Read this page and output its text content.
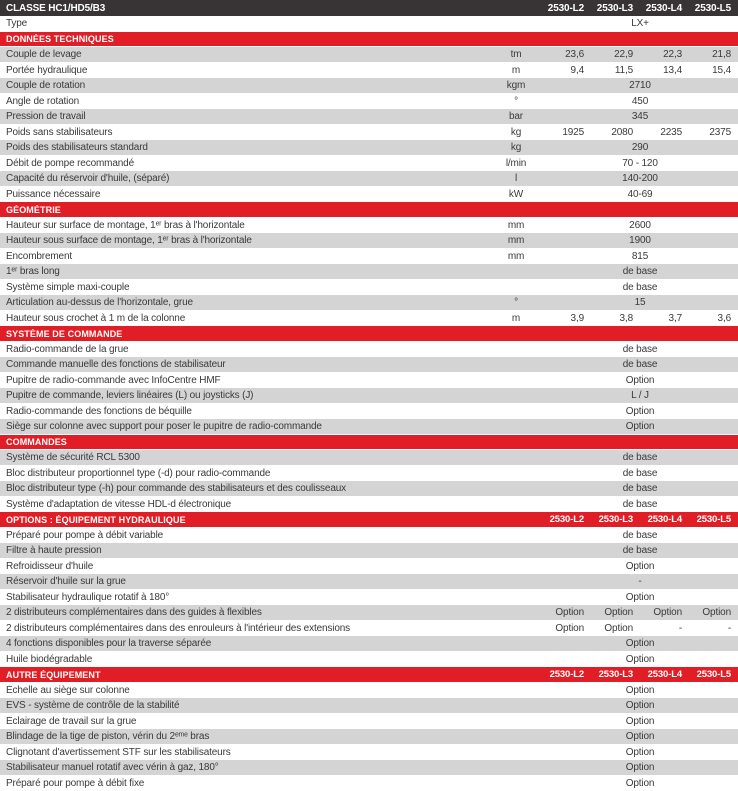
CLASSE HC1/HD5/B3	2530-L2	2530-L3	2530-L4	2530-L5
Type	LX+
DONNÉES TECHNIQUES
Couple de levage	tm	23,6	22,9	22,3	21,8
Portée hydraulique	m	9,4	11,5	13,4	15,4
Couple de rotation	kgm	2710
Angle de rotation	°	450
Pression de travail	bar	345
Poids sans stabilisateurs	kg	1925	2080	2235	2375
Poids des stabilisateurs standard	kg	290
Débit de pompe recommandé	l/min	70 - 120
Capacité du réservoir d'huile, (séparé)	l	140-200
Puissance nécessaire	kW	40-69
GÉOMÉTRIE
Hauteur sur surface de montage, 1ᵉʳ bras à l'horizontale	mm	2600
Hauteur sous surface de montage, 1ᵉʳ bras à l'horizontale	mm	1900
Encombrement	mm	815
1ᵉʳ bras long	de base
Système simple maxi-couple	de base
Articulation au-dessus de l'horizontale, grue	°	15
Hauteur sous crochet à 1 m de la colonne	m	3,9	3,8	3,7	3,6
SYSTÈME DE COMMANDE
Radio-commande de la grue	de base
Commande manuelle des fonctions de stabilisateur	de base
Pupitre de radio-commande avec InfoCentre HMF	Option
Pupitre de commande, leviers linéaires (L) ou joysticks (J)	L / J
Radio-commande des fonctions de béquille	Option
Siège sur colonne avec support pour poser le pupitre de radio-commande	Option
COMMANDES
Système de sécurité RCL 5300	de base
Bloc distributeur proportionnel type (-d) pour radio-commande	de base
Bloc distributeur type (-h) pour commande des stabilisateurs et des coulisseaux	de base
Système d'adaptation de vitesse HDL-d électronique	de base
OPTIONS : ÉQUIPEMENT HYDRAULIQUE	2530-L2	2530-L3	2530-L4	2530-L5
Préparé pour pompe à débit variable	de base
Filtre à haute pression	de base
Refroidisseur d'huile	Option
Réservoir d'huile sur la grue	-
Stabilisateur hydraulique rotatif à 180°	Option
2 distributeurs complémentaires dans des guides à flexibles	Option	Option	Option	Option
2 distributeurs complémentaires dans des enrouleurs à l'intérieur des extensions	Option	Option	-	-
4 fonctions disponibles pour la traverse séparée	Option
Huile biodégradable	Option
AUTRE ÉQUIPEMENT	2530-L2	2530-L3	2530-L4	2530-L5
Échelle au siège sur colonne	Option
EVS - système de contrôle de la stabilité	Option
Éclairage de travail sur la grue	Option
Blindage de la tige de piston, vérin du 2ᵉᵐᵉ bras	Option
Clignotant d'avertissement STF sur les stabilisateurs	Option
Stabilisateur manuel rotatif avec vérin à gaz, 180°	Option
Préparé pour pompe à débit fixe	Option
